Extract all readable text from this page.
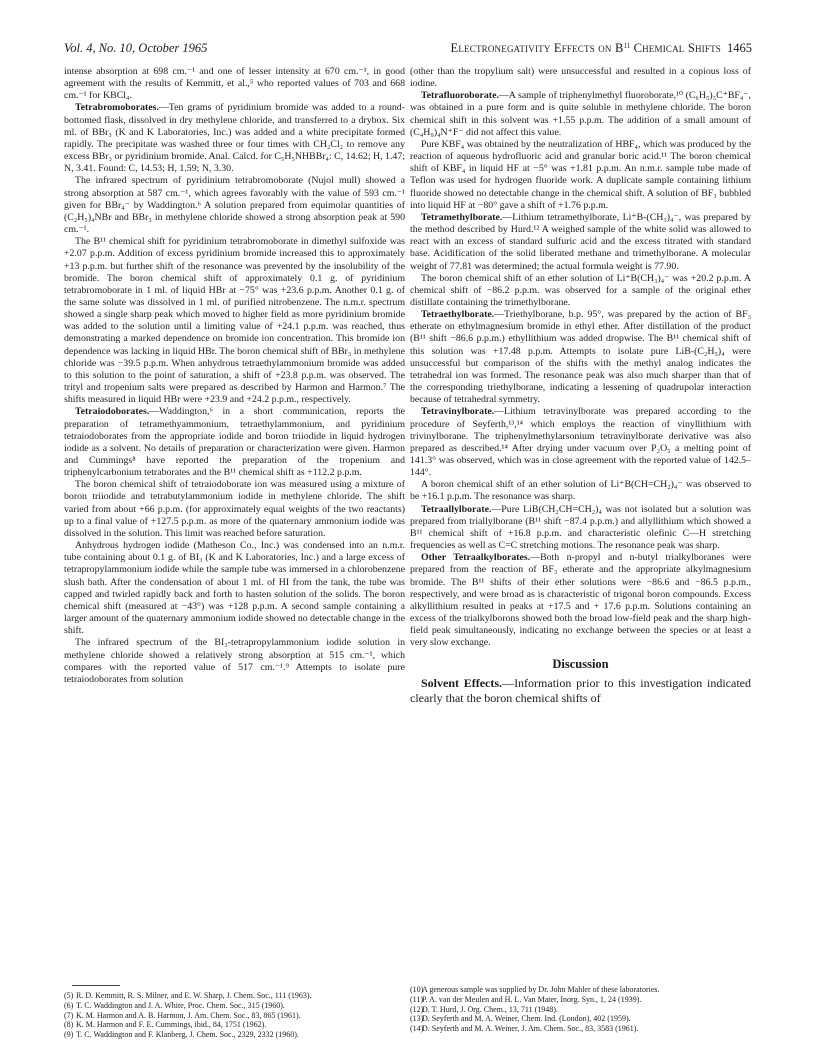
Vol. 4, No. 10, October 1965	Electronegativity Effects on $B^{11}$ Chemical Shifts 1465

intense absorption at 698 cm.⁻¹ and one of lesser intensity at 670 cm.⁻¹, in good agreement with the results of Kemmitt, et al.,⁵ who reported values of 703 and 668 cm.⁻¹ for KBCl₄.

Tetrabromoborates.—Ten grams of pyridinium bromide was added to a round-bottomed flask, dissolved in dry methylene chloride, and transferred to a drybox. Six ml. of BBr₃ (K and K Laboratories, Inc.) was added and a white precipitate formed rapidly. The precipitate was washed three or four times with CH₂Cl₂ to remove any excess BBr₃ or pyridinium bromide. Anal. Calcd. for C₅H₅NHBBr₄: C, 14.62; H, 1.47; N, 3.41. Found: C, 14.53; H, 1.59; N, 3.30.

The infrared spectrum of pyridinium tetrabromoborate (Nujol mull) showed a strong absorption at 587 cm.⁻¹, which agrees favorably with the value of 593 cm.⁻¹ given for BBr₄⁻ by Waddington.⁶ A solution prepared from equimolar quantities of (C₂H₅)₄NBr and BBr₃ in methylene chloride showed a strong absorption peak at 590 cm.⁻¹.

The B¹¹ chemical shift for pyridinium tetrabromoborate in dimethyl sulfoxide was +2.07 p.p.m. Addition of excess pyridinium bromide increased this to approximately +13 p.p.m. but further shift of the resonance was prevented by the insolubility of the bromide. The boron chemical shift of approximately 0.1 g. of pyridinium tetrabromoborate in 1 ml. of liquid HBr at −75° was +23.6 p.p.m. Another 0.1 g. of the same solute was dissolved in 1 ml. of purified nitrobenzene. The n.m.r. spectrum showed a single sharp peak which moved to higher field as more pyridinium bromide was added to the solution until a limiting value of +24.1 p.p.m. was reached, thus demonstrating a marked dependence on bromide ion concentration. This bromide ion dependence was lacking in liquid HBr. The boron chemical shift of BBr₃ in methylene chloride was −39.5 p.p.m. When anhydrous tetraethylammonium bromide was added to this solution to the point of saturation, a shift of +23.8 p.p.m. was observed. The trityl and tropenium salts were prepared as described by Harmon and Harmon.⁷ The shifts measured in liquid HBr were +23.9 and +24.2 p.p.m., respectively.

Tetraiodoborates.—Waddington,⁶ in a short communication, reports the preparation of tetramethyammonium, tetraethylammonium, and pyridinium tetraiodoborates from the appropriate iodide and boron triiodide in liquid hydrogen iodide as a solvent. No details of preparation or characterization were given. Harmon and Cummings⁸ have reported the preparation of the tropenium and triphenylcarbonium tetraborates and the B¹¹ chemical shift as +112.2 p.p.m.

The boron chemical shift of tetraiodoborate ion was measured using a mixture of boron triiodide and tetrabutylammonium iodide in methylene chloride. The shift varied from about +66 p.p.m. (for approximately equal weights of the two reactants) up to a final value of +127.5 p.p.m. as more of the quaternary ammonium iodide was dissolved in the solution. This limit was reached before saturation.

Anhydrous hydrogen iodide (Matheson Co., Inc.) was condensed into an n.m.r. tube containing about 0.1 g. of BI₃ (K and K Laboratories, Inc.) and a large excess of tetrapropylammonium iodide while the sample tube was immersed in a chlorobenzene slush bath. After the condensation of about 1 ml. of HI from the tank, the tube was capped and twirled rapidly back and forth to hasten solution of the solids. The boron chemical shift (measured at −43°) was +128 p.p.m. A second sample containing a larger amount of the quaternary ammonium iodide showed no detectable change in the shift.

The infrared spectrum of the BI₃-tetrapropylammonium iodide solution in methylene chloride showed a relatively strong absorption at 515 cm.⁻¹, which compares with the reported value of 517 cm.⁻¹.⁹ Attempts to isolate pure tetraiodoborates from solution

(other than the tropylium salt) were unsuccessful and resulted in a copious loss of iodine.

Tetrafluoroborate.—A sample of triphenylmethyl fluoroborate,¹⁰ (C₆H₅)₃C⁺BF₄⁻, was obtained in a pure form and is quite soluble in methylene chloride. The boron chemical shift in this solvent was +1.55 p.p.m. The addition of a small amount of (C₄H₉)₄N⁺F⁻ did not affect this value.

Pure KBF₄ was obtained by the neutralization of HBF₄, which was produced by the reaction of aqueous hydrofluoric acid and granular boric acid.¹¹ The boron chemical shift of KBF₄ in liquid HF at −5° was +1.81 p.p.m. An n.m.r. sample tube made of Teflon was used for hydrogen fluoride work. A duplicate sample containing lithium fluoride showed no detectable change in the chemical shift. A solution of BF₃ bubbled into liquid HF at −80° gave a shift of +1.76 p.p.m.

Tetramethylborate.—Lithium tetramethylborate, Li⁺B-(CH₃)₄⁻, was prepared by the method described by Hurd.¹² A weighed sample of the white solid was allowed to react with an excess of standard sulfuric acid and the excess titrated with standard base. Acidification of the solid liberated methane and trimethylborane. A molecular weight of 77.81 was determined; the actual formula weight is 77.90.

The boron chemical shift of an ether solution of Li⁺B(CH₃)₄⁻ was +20.2 p.p.m. A chemical shift of −86.2 p.p.m. was observed for a sample of the original ether distillate containing the trimethylborane.

Tetraethylborate.—Triethylborane, b.p. 95°, was prepared by the action of BF₃ etherate on ethylmagnesium bromide in ethyl ether. After distillation of the product (B¹¹ shift −86.6 p.p.m.) ethyllithium was added dropwise. The B¹¹ chemical shift of this solution was +17.48 p.p.m. Attempts to isolate pure LiB-(C₂H₅)₄ were unsuccessful but comparison of the shifts with the methyl analog indicates the tetrahedral ion was formed. The resonance peak was also much sharper than that of the corresponding triethylborane, indicating a lessening of quadrupolar interaction because of tetrahedral symmetry.

Tetravinylborate.—Lithium tetravinylborate was prepared according to the procedure of Seyferth,¹³,¹⁴ which employs the reaction of vinyllithium with trivinylborane. The triphenylmethylarsonium tetravinylborate derivative was also prepared as described.¹⁴ After drying under vacuum over P₂O₅ a melting point of 141.3° was observed, which was in close agreement with the reported value of 142.5–144°.

A boron chemical shift of an ether solution of Li⁺B(CH=CH₂)₄⁻ was observed to be +16.1 p.p.m. The resonance was sharp.

Tetraallylborate.—Pure LiB(CH₂CH=CH₂)₄ was not isolated but a solution was prepared from triallylborane (B¹¹ shift −87.4 p.p.m.) and allyllithium which showed a B¹¹ chemical shift of +16.8 p.p.m. and characteristic olefinic C—H stretching frequencies as well as C=C stretching motions. The resonance peak was sharp.

Other Tetraalkylborates.—Both n-propyl and n-butyl trialkylboranes were prepared from the reaction of BF₃ etherate and the appropriate alkylmagnesium bromide. The B¹¹ shifts of their ether solutions were −86.6 and −86.5 p.p.m., respectively, and were broad as is characteristic of trigonal boron compounds. Excess alkyllithium resulted in peaks at +17.5 and + 17.6 p.p.m. Solutions containing an excess of the trialkylborons showed both the broad low-field peak and the sharp high-field peak simultaneously, indicating no exchange between the species or at least a very slow exchange.

Discussion

Solvent Effects.—Information prior to this investigation indicated clearly that the boron chemical shifts of

(5) R. D. Kemmitt, R. S. Milner, and E. W. Sharp, J. Chem. Soc., 111 (1963).

(6) T. C. Waddington and J. A. White, Proc. Chem. Soc., 315 (1960).

(7) K. M. Harmon and A. B. Harmon, J. Am. Chem. Soc., 83, 865 (1961).

(8) K. M. Harmon and F. E. Cummings, ibid., 84, 1751 (1962).

(9) T. C. Waddington and F. Klanberg, J. Chem. Soc., 2329, 2332 (1960).

(10)A generous sample was supplied by Dr. John Mahler of these laboratories.

(11)P. A. van der Meulen and H. L. Van Mater, Inorg. Syn., 1, 24 (1939).

(12)D. T. Hurd, J. Org. Chem., 13, 711 (1948).

(13)D. Seyferth and M. A. Weiner, Chem. Ind. (London), 402 (1959).

(14)D. Seyferth and M. A. Weiner, J. Am. Chem. Soc., 83, 3583 (1961).
